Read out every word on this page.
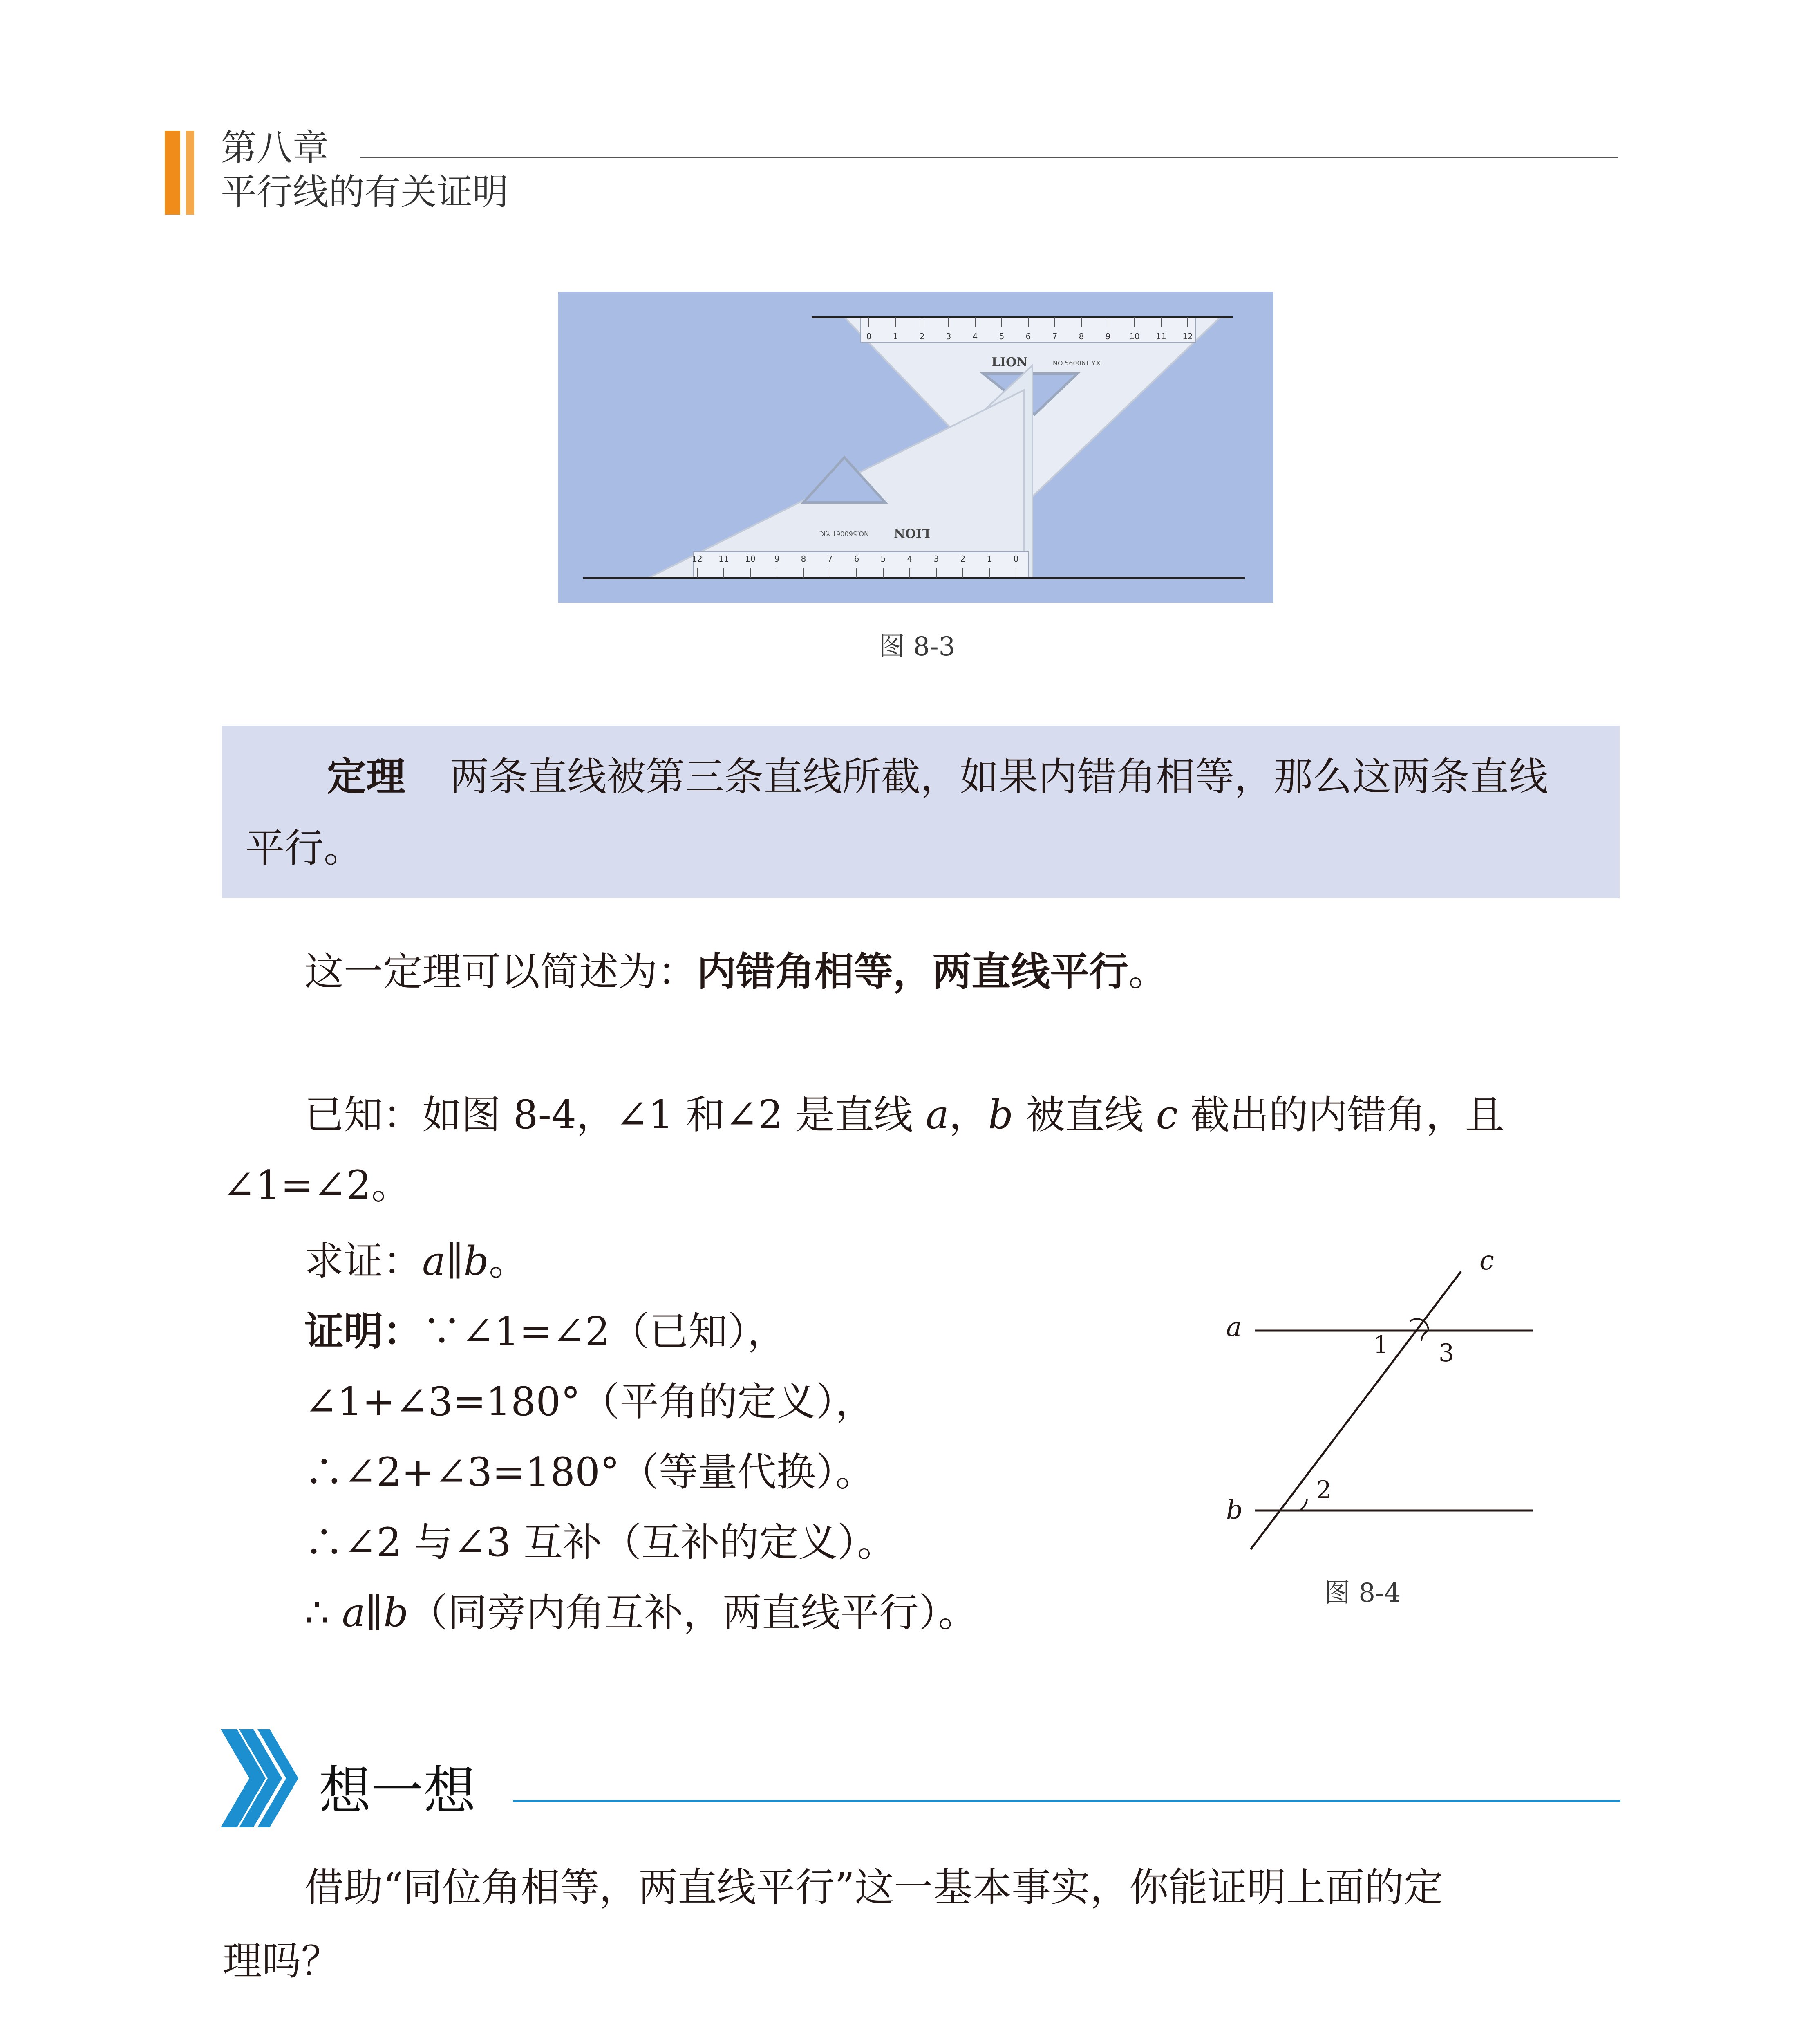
第八章
平行线的有关证明
0	1	2	3	4	5	6	7	8	9 10 11 12
LION	NO.56006T Y.K.
12 11 10 9	8	7	6	5	4	3	2	1	0
LION
NO.56006T Y.K.
图 8-3
定理 两条直线被第三条直线所截，如果内错角相等，那么这两条直线
平行。
这一定理可以简述为：内错角相等，两直线平行。
已知：如图 8-4，∠1 和∠2 是直线 a，b 被直线 c 截出的内错角，且
∠1=∠2。
求证：a∥b。
证明：∵∠1=∠2（已知），
∠1+∠3=180°（平角的定义），
∴∠2+∠3=180°（等量代换）。
∴∠2 与∠3 互补（互补的定义）。
∴ a∥b（同旁内角互补，两直线平行）。
a
b
c
1 3
2
图 8-4
想一想
借助“同位角相等，两直线平行”这一基本事实，你能证明上面的定
理吗？
